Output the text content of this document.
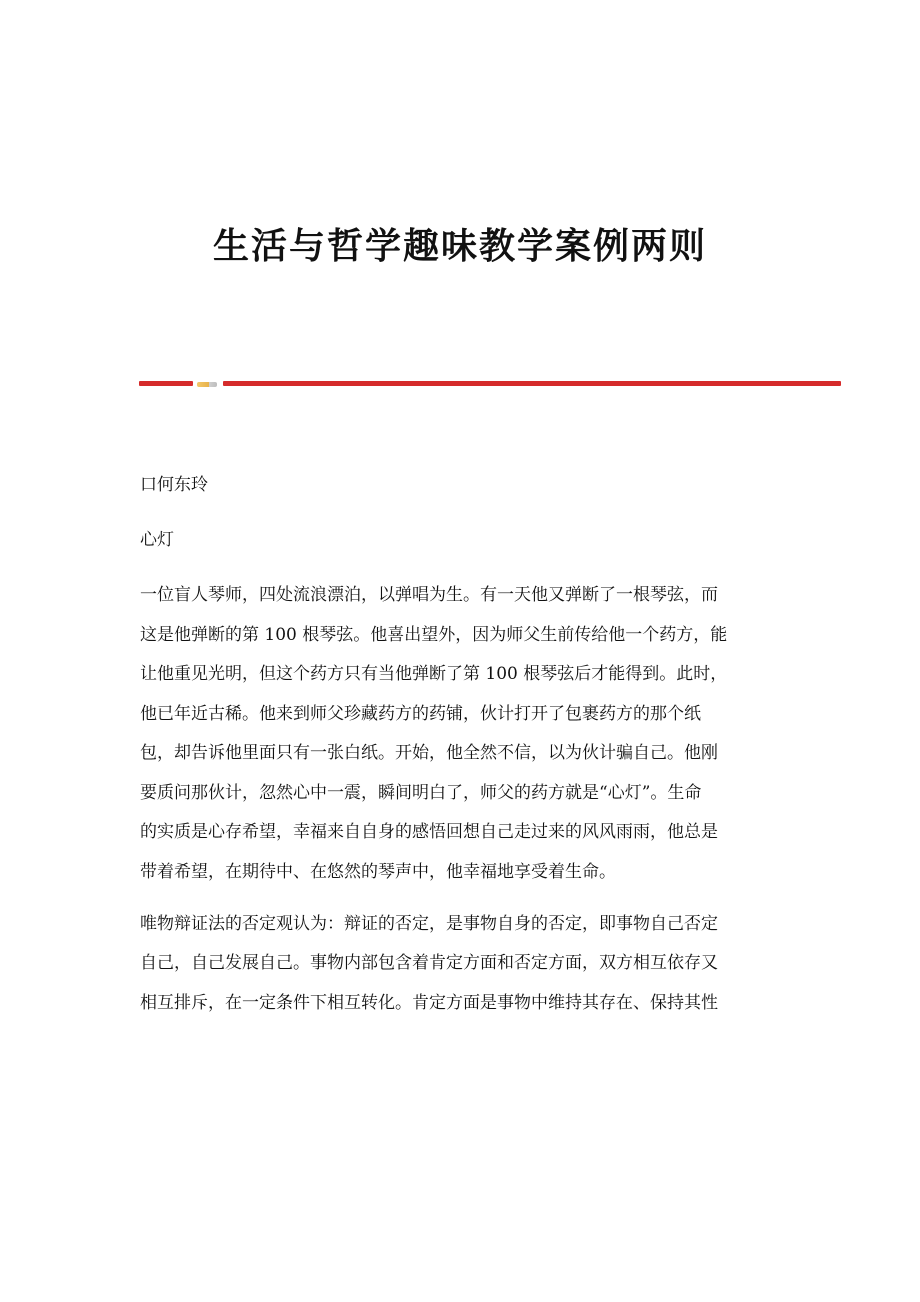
生活与哲学趣味教学案例两则

口何东玲

心灯

一位盲人琴师，四处流浪漂泊，以弹唱为生。有一天他又弹断了一根琴弦，而

这是他弹断的第 100 根琴弦。他喜出望外，因为师父生前传给他一个药方，能

让他重见光明，但这个药方只有当他弹断了第 100 根琴弦后才能得到。此时，

他已年近古稀。他来到师父珍藏药方的药铺，伙计打开了包裹药方的那个纸

包，却告诉他里面只有一张白纸。开始，他全然不信，以为伙计骗自己。他刚

要质问那伙计，忽然心中一震，瞬间明白了，师父的药方就是“心灯”。生命

的实质是心存希望，幸福来自自身的感悟回想自己走过来的风风雨雨，他总是

带着希望，在期待中、在悠然的琴声中，他幸福地享受着生命。

唯物辩证法的否定观认为：辩证的否定，是事物自身的否定，即事物自己否定

自己，自己发展自己。事物内部包含着肯定方面和否定方面，双方相互依存又

相互排斥，在一定条件下相互转化。肯定方面是事物中维持其存在、保持其性
